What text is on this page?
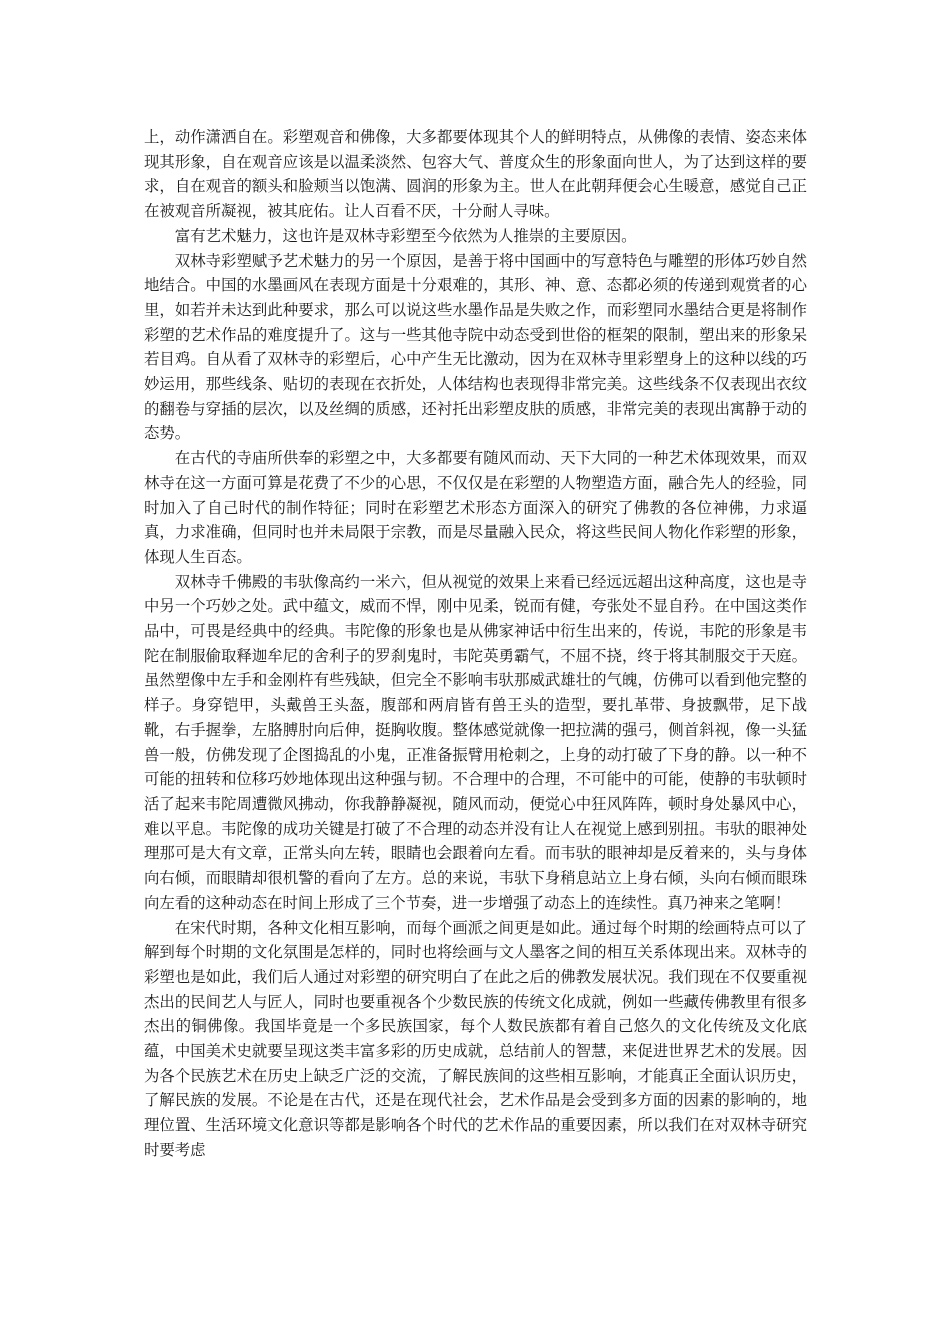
上，动作潇洒自在。彩塑观音和佛像，大多都要体现其个人的鲜明特点，从佛像的表情、姿态来体现其形象，自在观音应该是以温柔淡然、包容大气、普度众生的形象面向世人，为了达到这样的要求，自在观音的额头和脸颊当以饱满、圆润的形象为主。世人在此朝拜便会心生暖意，感觉自己正在被观音所凝视，被其庇佑。让人百看不厌，十分耐人寻味。

富有艺术魅力，这也许是双林寺彩塑至今依然为人推崇的主要原因。

双林寺彩塑赋予艺术魅力的另一个原因，是善于将中国画中的写意特色与雕塑的形体巧妙自然地结合。中国的水墨画风在表现方面是十分艰难的，其形、神、意、态都必须的传递到观赏者的心里，如若并未达到此种要求，那么可以说这些水墨作品是失败之作，而彩塑同水墨结合更是将制作彩塑的艺术作品的难度提升了。这与一些其他寺院中动态受到世俗的框架的限制，塑出来的形象呆若目鸡。自从看了双林寺的彩塑后，心中产生无比激动，因为在双林寺里彩塑身上的这种以线的巧妙运用，那些线条、贴切的表现在衣折处，人体结构也表现得非常完美。这些线条不仅表现出衣纹的翻卷与穿插的层次，以及丝绸的质感，还衬托出彩塑皮肤的质感，非常完美的表现出寓静于动的态势。

在古代的寺庙所供奉的彩塑之中，大多都要有随风而动、天下大同的一种艺术体现效果，而双林寺在这一方面可算是花费了不少的心思，不仅仅是在彩塑的人物塑造方面，融合先人的经验，同时加入了自己时代的制作特征；同时在彩塑艺术形态方面深入的研究了佛教的各位神佛，力求逼真，力求准确，但同时也并未局限于宗教，而是尽量融入民众，将这些民间人物化作彩塑的形象，体现人生百态。

双林寺千佛殿的韦驮像高约一米六，但从视觉的效果上来看已经远远超出这种高度，这也是寺中另一个巧妙之处。武中蕴文，威而不悍，刚中见柔，锐而有健，夸张处不显自矜。在中国这类作品中，可畏是经典中的经典。韦陀像的形象也是从佛家神话中衍生出来的，传说，韦陀的形象是韦陀在制服偷取释迦牟尼的舍利子的罗刹鬼时，韦陀英勇霸气，不屈不挠，终于将其制服交于天庭。虽然塑像中左手和金刚杵有些残缺，但完全不影响韦驮那威武雄壮的气魄，仿佛可以看到他完整的样子。身穿铠甲，头戴兽王头盔，腹部和两肩皆有兽王头的造型，要扎革带、身披飘带，足下战靴，右手握拳，左胳膊肘向后伸，挺胸收腹。整体感觉就像一把拉满的强弓，侧首斜视，像一头猛兽一般，仿佛发现了企图捣乱的小鬼，正准备振臂用枪刺之，上身的动打破了下身的静。以一种不可能的扭转和位移巧妙地体现出这种强与韧。不合理中的合理，不可能中的可能，使静的韦驮顿时活了起来韦陀周遭微风拂动，你我静静凝视，随风而动，便觉心中狂风阵阵，顿时身处暴风中心，难以平息。韦陀像的成功关键是打破了不合理的动态并没有让人在视觉上感到别扭。韦驮的眼神处理那可是大有文章，正常头向左转，眼睛也会跟着向左看。而韦驮的眼神却是反着来的，头与身体向右倾，而眼睛却很机警的看向了左方。总的来说，韦驮下身稍息站立上身右倾，头向右倾而眼珠向左看的这种动态在时间上形成了三个节奏，进一步增强了动态上的连续性。真乃神来之笔啊！

在宋代时期，各种文化相互影响，而每个画派之间更是如此。通过每个时期的绘画特点可以了解到每个时期的文化氛围是怎样的，同时也将绘画与文人墨客之间的相互关系体现出来。双林寺的彩塑也是如此，我们后人通过对彩塑的研究明白了在此之后的佛教发展状况。我们现在不仅要重视杰出的民间艺人与匠人，同时也要重视各个少数民族的传统文化成就，例如一些藏传佛教里有很多杰出的铜佛像。我国毕竟是一个多民族国家，每个人数民族都有着自己悠久的文化传统及文化底蕴，中国美术史就要呈现这类丰富多彩的历史成就，总结前人的智慧，来促进世界艺术的发展。因为各个民族艺术在历史上缺乏广泛的交流，了解民族间的这些相互影响，才能真正全面认识历史，了解民族的发展。不论是在古代，还是在现代社会，艺术作品是会受到多方面的因素的影响的，地理位置、生活环境文化意识等都是影响各个时代的艺术作品的重要因素，所以我们在对双林寺研究时要考虑
